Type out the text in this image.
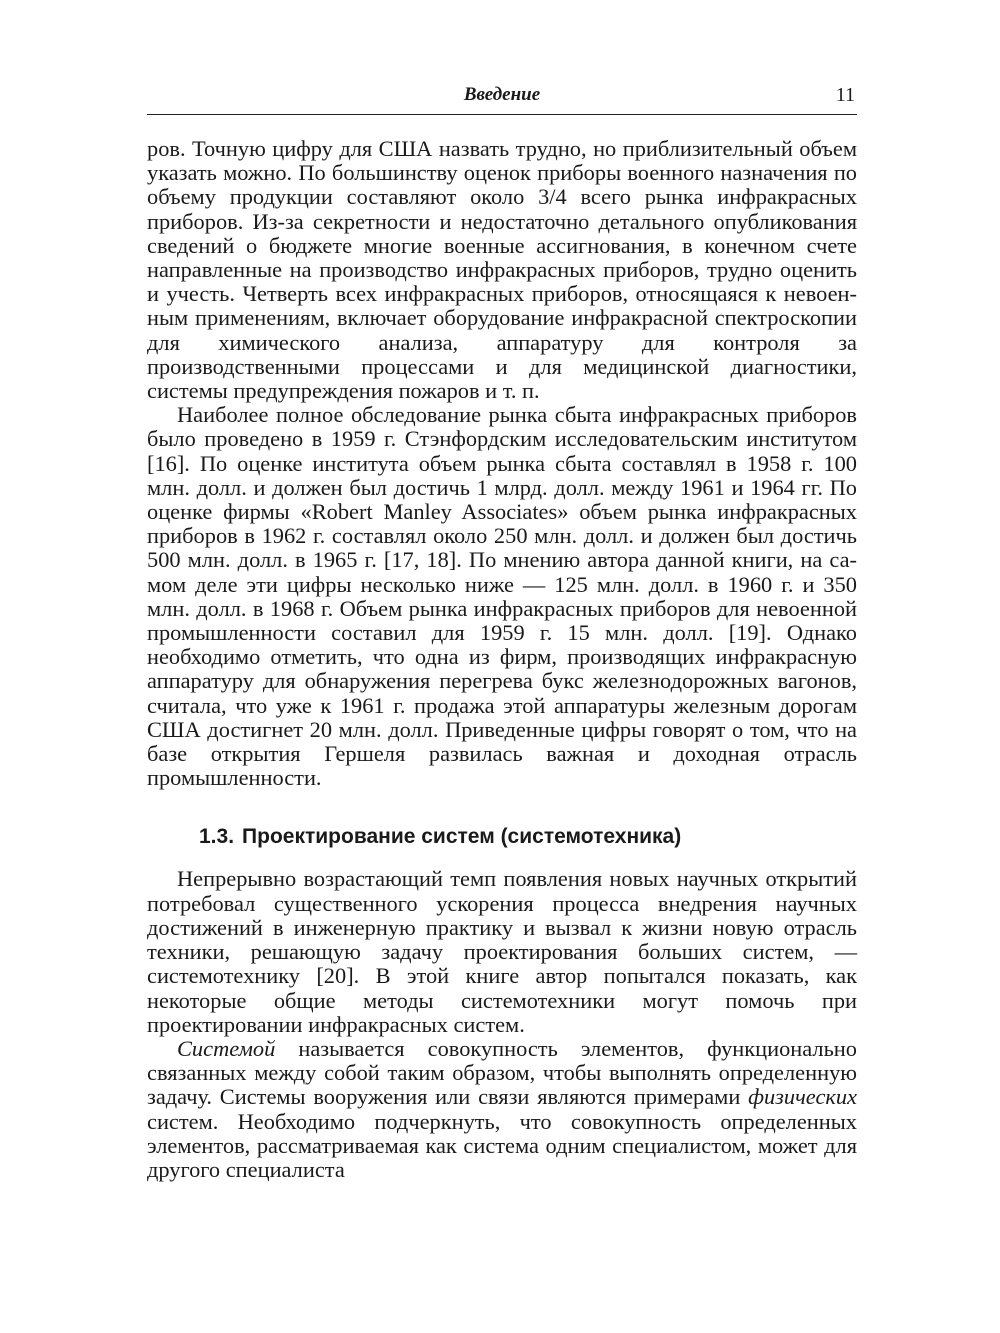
Введение	11

ров. Точную цифру для США назвать трудно, но приблизительный объем указать можно. По большинству оценок приборы военного назначения по объему продукции составляют около 3/4 всего рынка инфракрасных приборов. Из-за секретности и недостаточно детального опубликования сведений о бюджете многие военные ассигнования, в конечном счете направленные на производство инфракрасных приборов, трудно оценить и учесть. Четверть всех инфракрасных приборов, относящаяся к невоенным применениям, включает оборудование инфракрасной спектроскопии для химического анализа, аппаратуру для контроля за производственными процессами и для медицинской диагностики, системы предупреждения пожаров и т. п.

Наиболее полное обследование рынка сбыта инфракрасных приборов было проведено в 1959 г. Стэнфордским исследовательским институтом [16]. По оценке института объем рынка сбыта составлял в 1958 г. 100 млн. долл. и должен был достичь 1 млрд. долл. между 1961 и 1964 гг. По оценке фирмы «Robert Manley Associates» объем рынка инфракрасных приборов в 1962 г. составлял около 250 млн. долл. и должен был достичь 500 млн. долл. в 1965 г. [17, 18]. По мнению автора данной книги, на самом деле эти цифры несколько ниже — 125 млн. долл. в 1960 г. и 350 млн. долл. в 1968 г. Объем рынка инфракрасных приборов для невоенной промышленности составил для 1959 г. 15 млн. долл. [19]. Однако необходимо отметить, что одна из фирм, производящих инфракрасную аппаратуру для обнаружения перегрева букс железнодорожных вагонов, считала, что уже к 1961 г. продажа этой аппаратуры железным дорогам США достигнет 20 млн. долл. Приведенные цифры говорят о том, что на базе открытия Гершеля развилась важная и доходная отрасль промышленности.

1.3. Проектирование систем (системотехника)

Непрерывно возрастающий темп появления новых научных открытий потребовал существенного ускорения процесса внедрения научных достижений в инженерную практику и вызвал к жизни новую отрасль техники, решающую задачу проектирования больших систем, — системотехнику [20]. В этой книге автор попытался показать, как некоторые общие методы системотехники могут помочь при проектировании инфракрасных систем.

Системой называется совокупность элементов, функционально связанных между собой таким образом, чтобы выполнять определенную задачу. Системы вооружения или связи являются примерами физических систем. Необходимо подчеркнуть, что совокупность определенных элементов, рассматриваемая как система одним специалистом, может для другого специалиста
